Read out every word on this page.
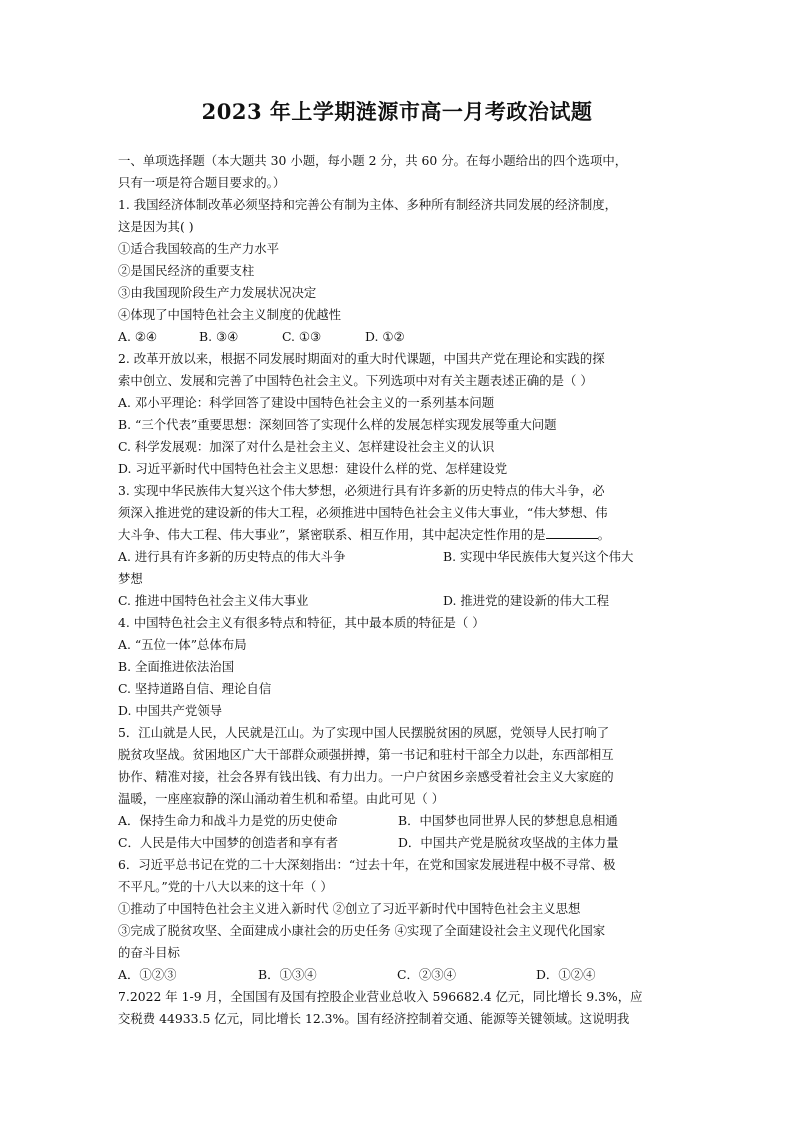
2023 年上学期涟源市高一月考政治试题
一、单项选择题（本大题共 30 小题，每小题 2 分，共 60 分。在每小题给出的四个选项中，
只有一项是符合题目要求的。）
1. 我国经济体制改革必须坚持和完善公有制为主体、多种所有制经济共同发展的经济制度，
这是因为其( )
①适合我国较高的生产力水平
②是国民经济的重要支柱
③由我国现阶段生产力发展状况决定
④体现了中国特色社会主义制度的优越性
A. ②④	B. ③④	C. ①③	D. ①②
2. 改革开放以来，根据不同发展时期面对的重大时代课题，中国共产党在理论和实践的探
索中创立、发展和完善了中国特色社会主义。下列选项中对有关主题表述正确的是（ ）
A. 邓小平理论：科学回答了建设中国特色社会主义的一系列基本问题
B. “三个代表”重要思想：深刻回答了实现什么样的发展怎样实现发展等重大问题
C. 科学发展观：加深了对什么是社会主义、怎样建设社会主义的认识
D. 习近平新时代中国特色社会主义思想：建设什么样的党、怎样建设党
3. 实现中华民族伟大复兴这个伟大梦想，必须进行具有许多新的历史特点的伟大斗争，必
须深入推进党的建设新的伟大工程，必须推进中国特色社会主义伟大事业，“伟大梦想、伟
大斗争、伟大工程、伟大事业”，紧密联系、相互作用，其中起决定性作用的是	。
A. 进行具有许多新的历史特点的伟大斗争	B. 实现中华民族伟大复兴这个伟大
梦想
C. 推进中国特色社会主义伟大事业	D. 推进党的建设新的伟大工程
4. 中国特色社会主义有很多特点和特征，其中最本质的特征是（ ）
A. “五位一体”总体布局
B. 全面推进依法治国
C. 坚持道路自信、理论自信
D. 中国共产党领导
5．江山就是人民，人民就是江山。为了实现中国人民摆脱贫困的夙愿，党领导人民打响了
脱贫攻坚战。贫困地区广大干部群众顽强拼搏，第一书记和驻村干部全力以赴，东西部相互
协作、精准对接，社会各界有钱出钱、有力出力。一户户贫困乡亲感受着社会主义大家庭的
温暖，一座座寂静的深山涌动着生机和希望。由此可见（ ）
A．保持生命力和战斗力是党的历史使命	B．中国梦也同世界人民的梦想息息相通
C．人民是伟大中国梦的创造者和享有者	D．中国共产党是脱贫攻坚战的主体力量
6．习近平总书记在党的二十大深刻指出：“过去十年，在党和国家发展进程中极不寻常、极
不平凡。”党的十八大以来的这十年（ ）
①推动了中国特色社会主义进入新时代 ②创立了习近平新时代中国特色社会主义思想
③完成了脱贫攻坚、全面建成小康社会的历史任务 ④实现了全面建设社会主义现代化国家
的奋斗目标
A．①②③	B．①③④	C．②③④	D．①②④
7.2022 年 1-9 月，全国国有及国有控股企业营业总收入 596682.4 亿元，同比增长 9.3%，应
交税费 44933.5 亿元，同比增长 12.3%。国有经济控制着交通、能源等关键领域。这说明我
